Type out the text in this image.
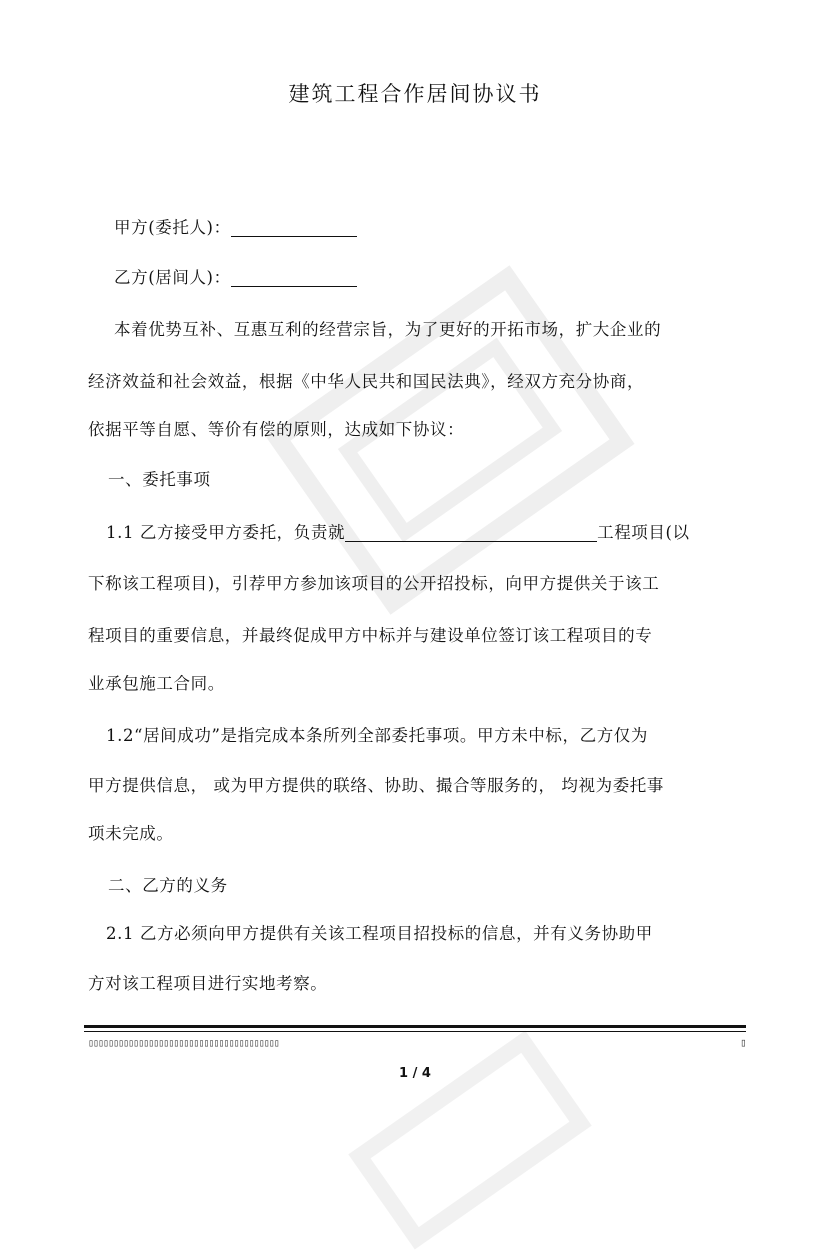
建筑工程合作居间协议书
甲方(委托人)：
乙方(居间人)：
本着优势互补、互惠互利的经营宗旨，为了更好的开拓市场，扩大企业的
经济效益和社会效益，根据《中华人民共和国民法典》，经双方充分协商，
依据平等自愿、等价有偿的原则，达成如下协议：
一、委托事项
1.1 乙方接受甲方委托，负责就	工程项目(以
下称该工程项目)，引荐甲方参加该项目的公开招投标，向甲方提供关于该工
程项目的重要信息，并最终促成甲方中标并与建设单位签订该工程项目的专
业承包施工合同。
1.2“居间成功”是指完成本条所列全部委托事项。甲方未中标，乙方仅为
甲方提供信息， 或为甲方提供的联络、协助、撮合等服务的， 均视为委托事
项未完成。
二、乙方的义务
2.1 乙方必须向甲方提供有关该工程项目招投标的信息，并有义务协助甲
方对该工程项目进行实地考察。
▯▯▯▯▯▯▯▯▯▯▯▯▯▯▯▯▯▯▯▯▯▯▯▯▯▯▯▯▯▯▯▯▯▯▯▯▯▯	▯
1 / 4
